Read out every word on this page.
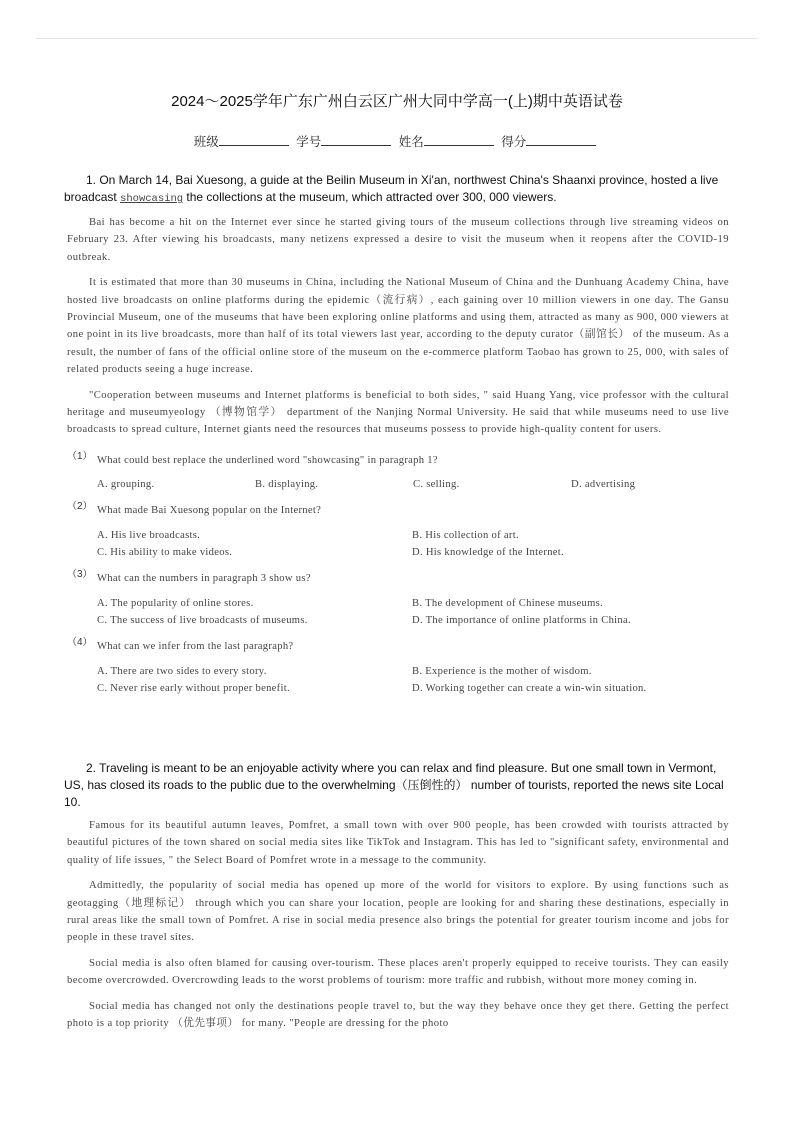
2024～2025学年广东广州白云区广州大同中学高一(上)期中英语试卷
班级	学号	姓名	得分

1. On March 14, Bai Xuesong, a guide at the Beilin Museum in Xi'an, northwest China's Shaanxi province, hosted a live broadcast showcasing the collections at the museum, which attracted over 300, 000 viewers.

Bai has become a hit on the Internet ever since he started giving tours of the museum collections through live streaming videos on February 23. After viewing his broadcasts, many netizens expressed a desire to visit the museum when it reopens after the COVID-19 outbreak.

It is estimated that more than 30 museums in China, including the National Museum of China and the Dunhuang Academy China, have hosted live broadcasts on online platforms during the epidemic（流行病）, each gaining over 10 million viewers in one day. The Gansu Provincial Museum, one of the museums that have been exploring online platforms and using them, attracted as many as 900, 000 viewers at one point in its live broadcasts, more than half of its total viewers last year, according to the deputy curator（副馆长） of the museum. As a result, the number of fans of the official online store of the museum on the e-commerce platform Taobao has grown to 25, 000, with sales of related products seeing a huge increase.

"Cooperation between museums and Internet platforms is beneficial to both sides, " said Huang Yang, vice professor with the cultural heritage and museumyeology （博物馆学） department of the Nanjing Normal University. He said that while museums need to use live broadcasts to spread culture, Internet giants need the resources that museums possess to provide high-quality content for users.

（1） What could best replace the underlined word "showcasing" in paragraph 1?
A. grouping.	B. displaying.	C. selling.	D. advertising
（2） What made Bai Xuesong popular on the Internet?
A. His live broadcasts.	B. His collection of art.
C. His ability to make videos.	D. His knowledge of the Internet.
（3） What can the numbers in paragraph 3 show us?
A. The popularity of online stores.	B. The development of Chinese museums.
C. The success of live broadcasts of museums.	D. The importance of online platforms in China.
（4） What can we infer from the last paragraph?
A. There are two sides to every story.	B. Experience is the mother of wisdom.
C. Never rise early without proper benefit.	D. Working together can create a win-win situation.

2. Traveling is meant to be an enjoyable activity where you can relax and find pleasure. But one small town in Vermont, US, has closed its roads to the public due to the overwhelming（压倒性的） number of tourists, reported the news site Local 10.

Famous for its beautiful autumn leaves, Pomfret, a small town with over 900 people, has been crowded with tourists attracted by beautiful pictures of the town shared on social media sites like TikTok and Instagram. This has led to "significant safety, environmental and quality of life issues, " the Select Board of Pomfret wrote in a message to the community.

Admittedly, the popularity of social media has opened up more of the world for visitors to explore. By using functions such as geotagging（地理标记） through which you can share your location, people are looking for and sharing these destinations, especially in rural areas like the small town of Pomfret. A rise in social media presence also brings the potential for greater tourism income and jobs for people in these travel sites.

Social media is also often blamed for causing over-tourism. These places aren't properly equipped to receive tourists. They can easily become overcrowded. Overcrowding leads to the worst problems of tourism: more traffic and rubbish, without more money coming in.

Social media has changed not only the destinations people travel to, but the way they behave once they get there. Getting the perfect photo is a top priority （优先事项） for many. "People are dressing for the photo
